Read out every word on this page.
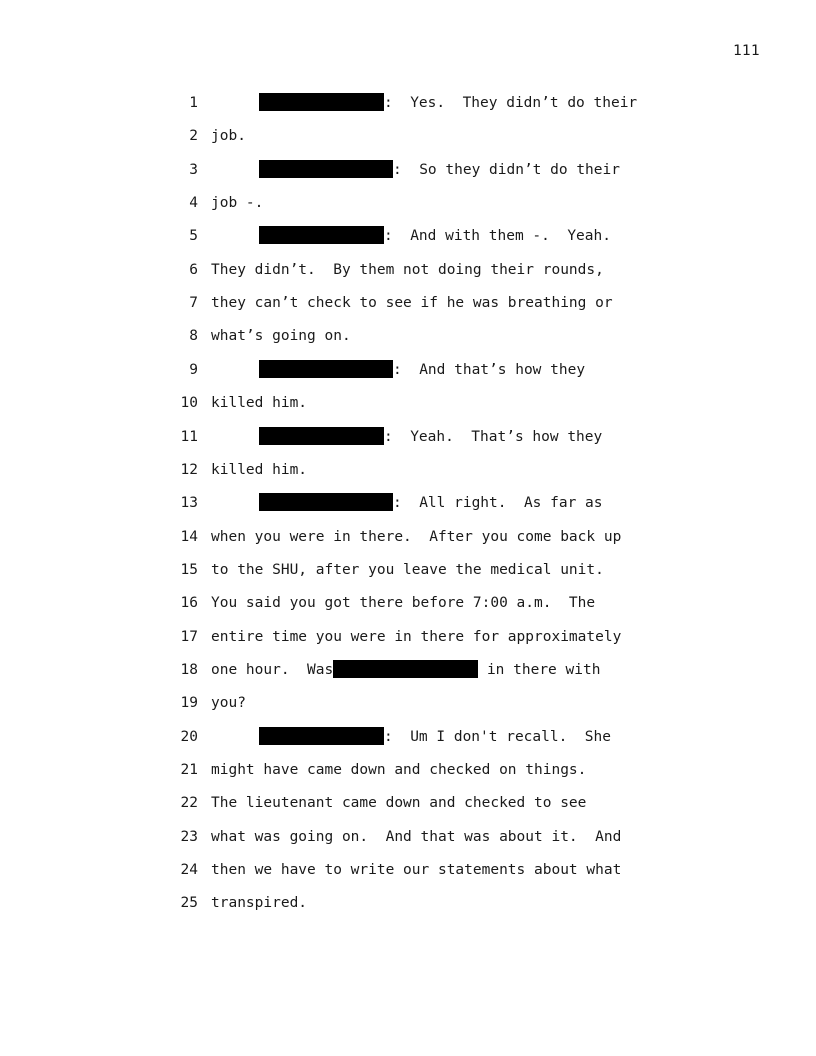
111
1	:  Yes.  They didn’t do their
2 job.
3	:  So they didn’t do their
4 job -.
5	:  And with them -.  Yeah.
6 They didn’t.  By them not doing their rounds,
7 they can’t check to see if he was breathing or
8 what’s going on.
9	:  And that’s how they
10 killed him.
11	:  Yeah.  That’s how they
12 killed him.
13	:  All right.  As far as
14 when you were in there.  After you come back up
15 to the SHU, after you leave the medical unit.
16 You said you got there before 7:00 a.m.  The
17 entire time you were in there for approximately
18 one hour.  Was	in there with
19 you?
20	:  Um I don't recall.  She
21 might have came down and checked on things.
22 The lieutenant came down and checked to see
23 what was going on.  And that was about it.  And
24 then we have to write our statements about what
25 transpired.
